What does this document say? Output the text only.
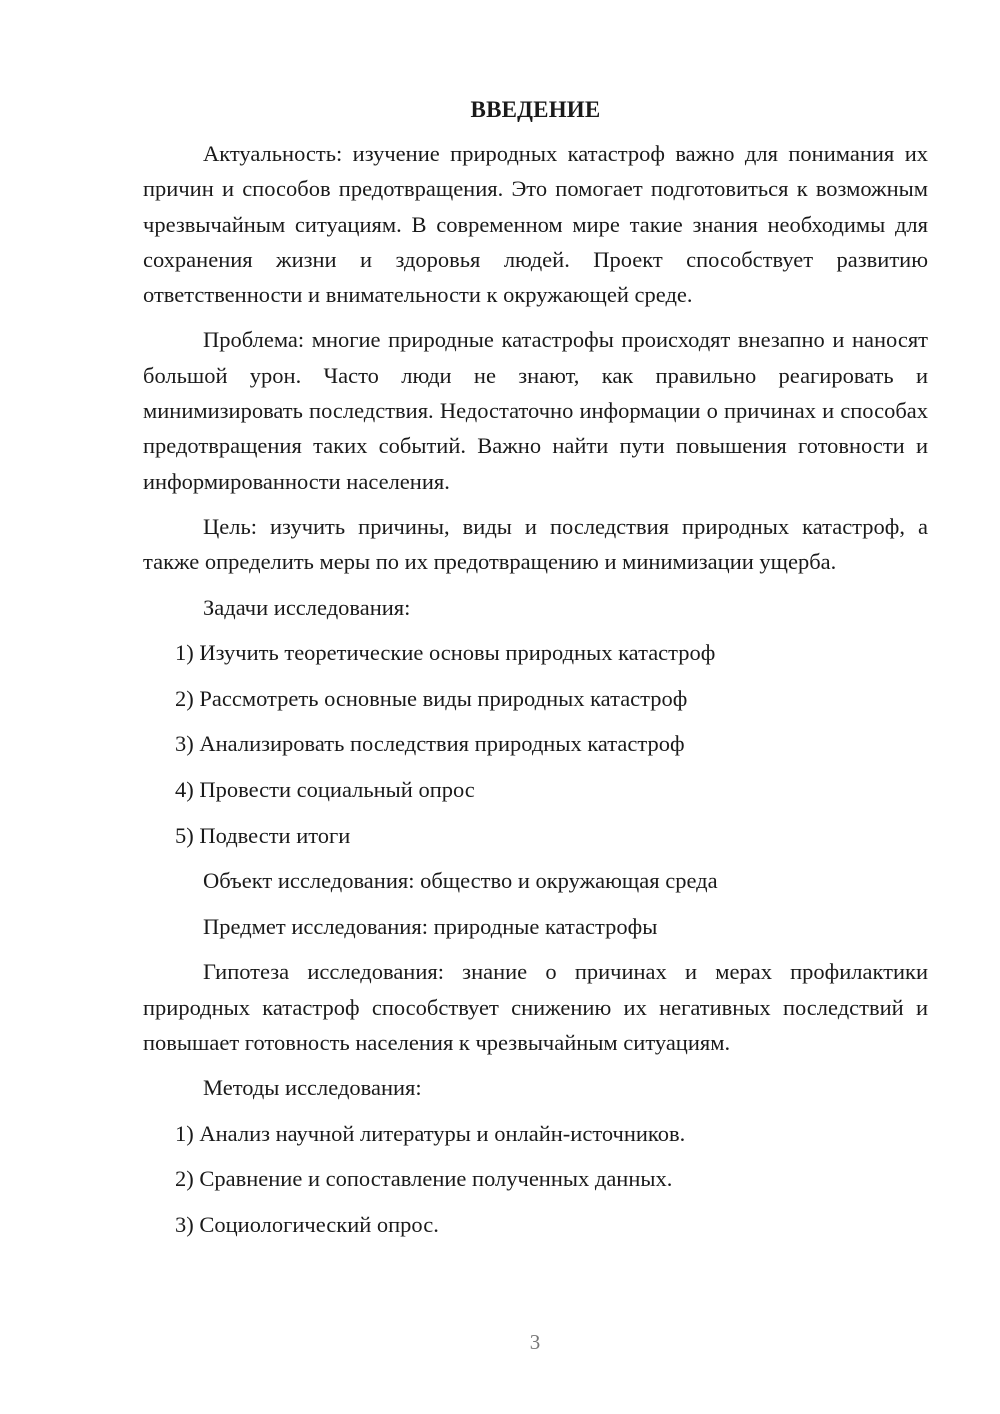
ВВЕДЕНИЕ

Актуальность: изучение природных катастроф важно для понимания их причин и способов предотвращения. Это помогает подготовиться к возможным чрезвычайным ситуациям. В современном мире такие знания необходимы для сохранения жизни и здоровья людей. Проект способствует развитию ответственности и внимательности к окружающей среде.

Проблема: многие природные катастрофы происходят внезапно и наносят большой урон. Часто люди не знают, как правильно реагировать и минимизировать последствия. Недостаточно информации о причинах и способах предотвращения таких событий. Важно найти пути повышения готовности и информированности населения.

Цель: изучить причины, виды и последствия природных катастроф, а также определить меры по их предотвращению и минимизации ущерба.

Задачи исследования:
1) Изучить теоретические основы природных катастроф
2) Рассмотреть основные виды природных катастроф
3) Анализировать последствия природных катастроф
4) Провести социальный опрос
5) Подвести итоги
Объект исследования: общество и окружающая среда
Предмет исследования: природные катастрофы

Гипотеза исследования: знание о причинах и мерах профилактики природных катастроф способствует снижению их негативных последствий и повышает готовность населения к чрезвычайным ситуациям.

Методы исследования:
1) Анализ научной литературы и онлайн-источников.
2) Сравнение и сопоставление полученных данных.
3) Социологический опрос.
3
